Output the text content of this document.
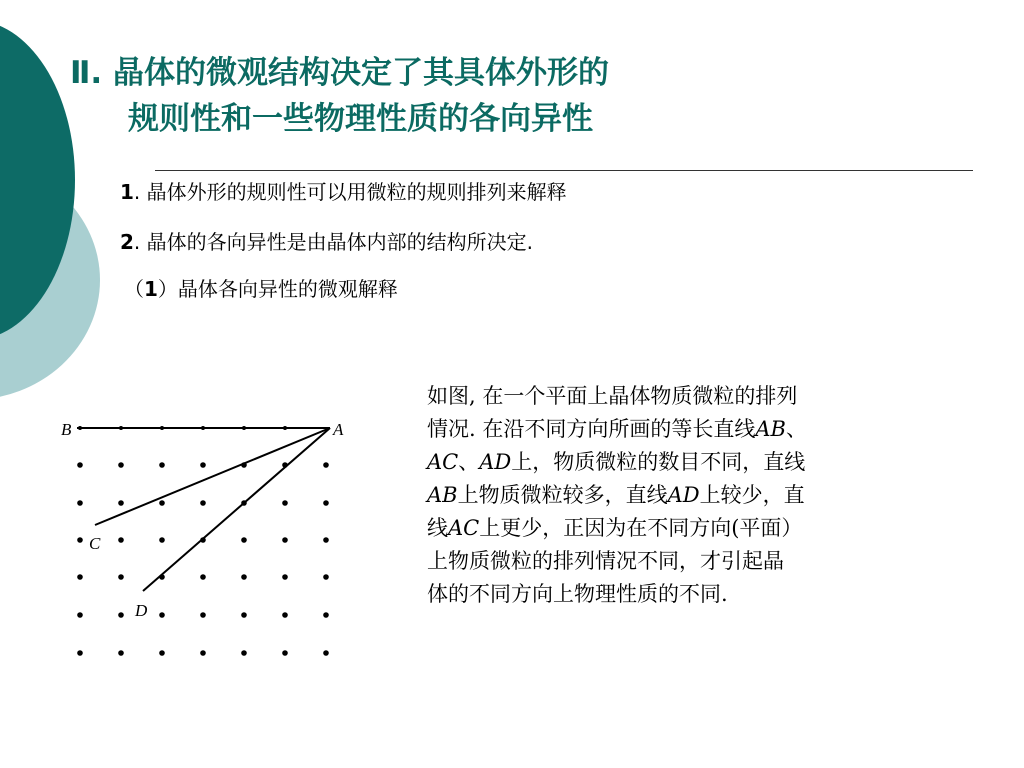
Ⅱ. 晶体的微观结构决定了其具体外形的
规则性和一些物理性质的各向异性
1. 晶体外形的规则性可以用微粒的规则排列来解释
2. 晶体的各向异性是由晶体内部的结构所决定.
（1）晶体各向异性的微观解释
A
B
C
D
如图, 在一个平面上晶体物质微粒的排列
情况. 在沿不同方向所画的等长直线AB、
AC、AD上，物质微粒的数目不同，直线
AB上物质微粒较多，直线AD上较少，直
线AC上更少，正因为在不同方向(平面）
上物质微粒的排列情况不同，才引起晶
体的不同方向上物理性质的不同.
